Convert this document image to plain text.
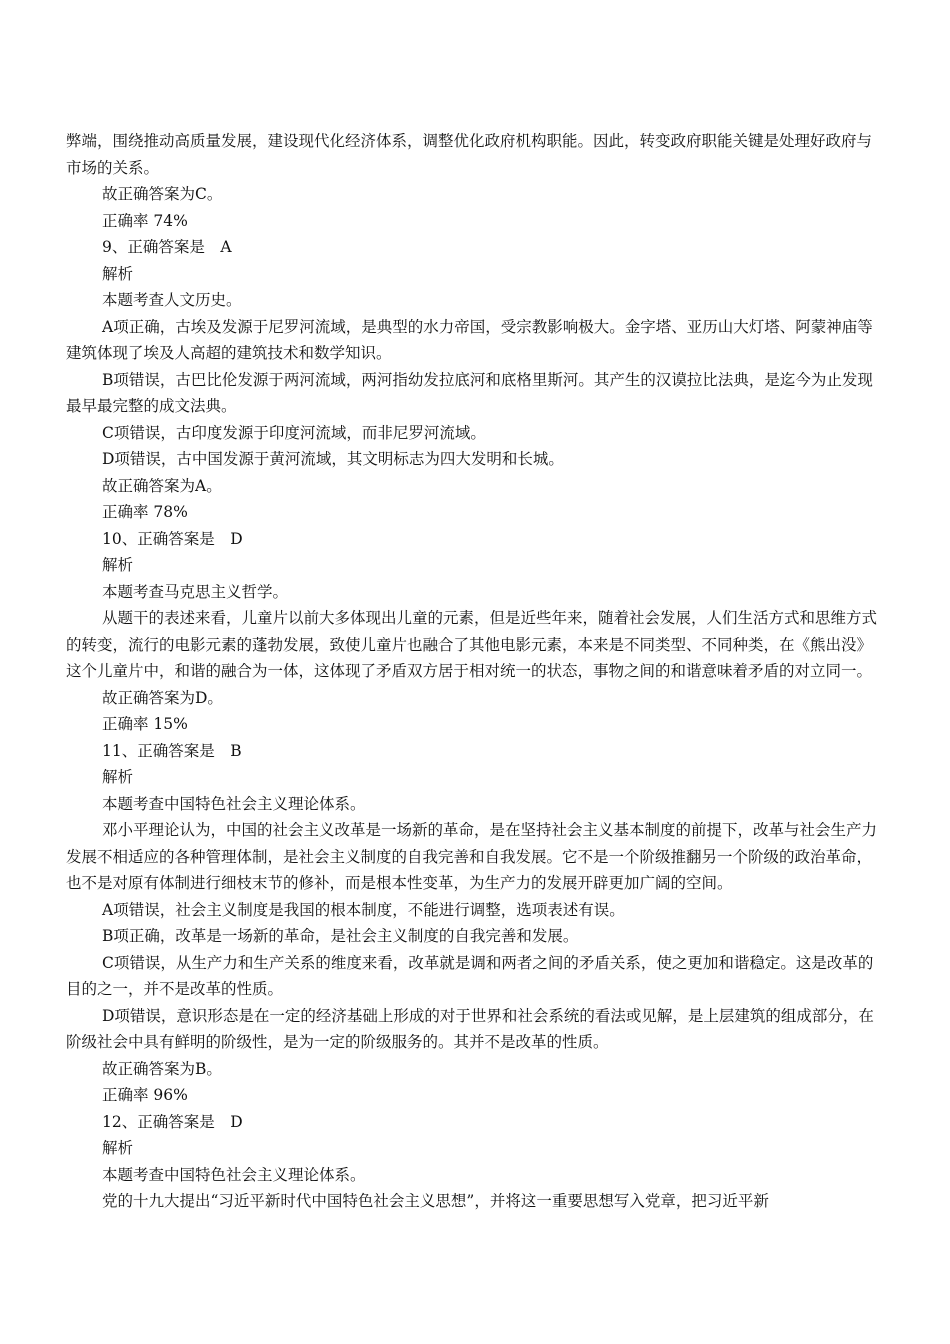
弊端，围绕推动高质量发展，建设现代化经济体系，调整优化政府机构职能。因此，转变政府职能关键是处理好政府与市场的关系。

故正确答案为C。

正确率 74%

9、正确答案是　A

解析

本题考查人文历史。

A项正确，古埃及发源于尼罗河流域，是典型的水力帝国，受宗教影响极大。金字塔、亚历山大灯塔、阿蒙神庙等建筑体现了埃及人高超的建筑技术和数学知识。

B项错误，古巴比伦发源于两河流域，两河指幼发拉底河和底格里斯河。其产生的汉谟拉比法典，是迄今为止发现最早最完整的成文法典。

C项错误，古印度发源于印度河流域，而非尼罗河流域。

D项错误，古中国发源于黄河流域，其文明标志为四大发明和长城。

故正确答案为A。

正确率 78%

10、正确答案是　D

解析

本题考查马克思主义哲学。

从题干的表述来看，儿童片以前大多体现出儿童的元素，但是近些年来，随着社会发展，人们生活方式和思维方式的转变，流行的电影元素的蓬勃发展，致使儿童片也融合了其他电影元素，本来是不同类型、不同种类，在《熊出没》这个儿童片中，和谐的融合为一体，这体现了矛盾双方居于相对统一的状态，事物之间的和谐意味着矛盾的对立同一。

故正确答案为D。

正确率 15%

11、正确答案是　B

解析

本题考查中国特色社会主义理论体系。

邓小平理论认为，中国的社会主义改革是一场新的革命，是在坚持社会主义基本制度的前提下，改革与社会生产力发展不相适应的各种管理体制，是社会主义制度的自我完善和自我发展。它不是一个阶级推翻另一个阶级的政治革命，也不是对原有体制进行细枝末节的修补，而是根本性变革，为生产力的发展开辟更加广阔的空间。

A项错误，社会主义制度是我国的根本制度，不能进行调整，选项表述有误。

B项正确，改革是一场新的革命，是社会主义制度的自我完善和发展。

C项错误，从生产力和生产关系的维度来看，改革就是调和两者之间的矛盾关系，使之更加和谐稳定。这是改革的目的之一，并不是改革的性质。

D项错误，意识形态是在一定的经济基础上形成的对于世界和社会系统的看法或见解，是上层建筑的组成部分，在阶级社会中具有鲜明的阶级性，是为一定的阶级服务的。其并不是改革的性质。

故正确答案为B。

正确率 96%

12、正确答案是　D

解析

本题考查中国特色社会主义理论体系。

党的十九大提出“习近平新时代中国特色社会主义思想”，并将这一重要思想写入党章，把习近平新
